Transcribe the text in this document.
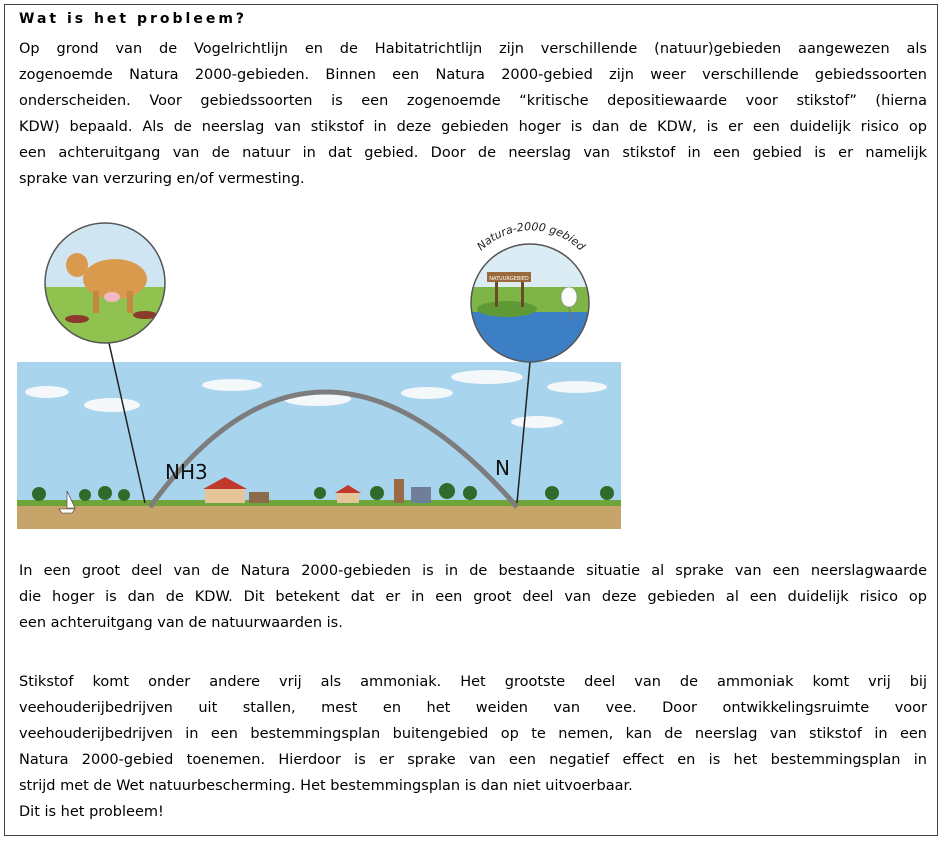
Wat is het probleem?
Op grond van de Vogelrichtlijn en de Habitatrichtlijn zijn verschillende (natuur)gebieden aangewezen als
zogenoemde Natura 2000-gebieden. Binnen een Natura 2000-gebied zijn weer verschillende gebiedssoorten
onderscheiden. Voor gebiedssoorten is een zogenoemde “kritische depositiewaarde voor stikstof” (hierna
KDW) bepaald. Als de neerslag van stikstof in deze gebieden hoger is dan de KDW, is er een duidelijk risico op
een achteruitgang van de natuur in dat gebied. Door de neerslag van stikstof in een gebied is er namelijk
sprake van verzuring en/of vermesting.
NH3	N
NATUURGEBIED
Natura-2000 gebied
In een groot deel van de Natura 2000-gebieden is in de bestaande situatie al sprake van een neerslagwaarde
die hoger is dan de KDW. Dit betekent dat er in een groot deel van deze gebieden al een duidelijk risico op
een achteruitgang van de natuurwaarden is.
Stikstof komt onder andere vrij als ammoniak. Het grootste deel van de ammoniak komt vrij bij
veehouderijbedrijven uit stallen, mest en het weiden van vee. Door ontwikkelingsruimte voor
veehouderijbedrijven in een bestemmingsplan buitengebied op te nemen, kan de neerslag van stikstof in een
Natura 2000-gebied toenemen. Hierdoor is er sprake van een negatief effect en is het bestemmingsplan in
strijd met de Wet natuurbescherming. Het bestemmingsplan is dan niet uitvoerbaar.
Dit is het probleem!
